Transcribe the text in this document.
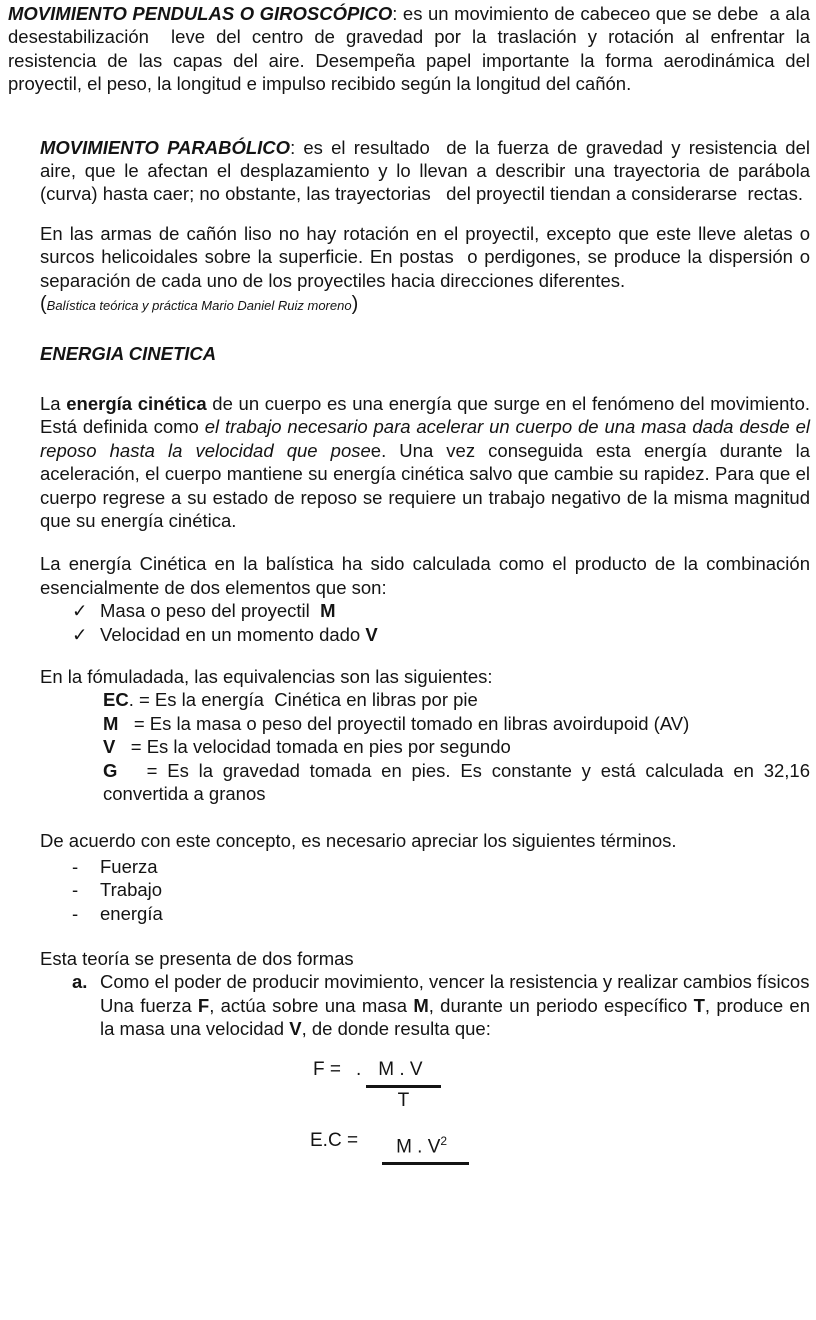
MOVIMIENTO PENDULAS O GIROSCÓPICO: es un movimiento de cabeceo que se debe  a ala desestabilización  leve del centro de gravedad por la traslación y rotación al enfrentar la resistencia de las capas del aire. Desempeña papel importante la forma aerodinámica del proyectil, el peso, la longitud e impulso recibido según la longitud del cañón.

MOVIMIENTO PARABÓLICO: es el resultado  de la fuerza de gravedad y resistencia del aire, que le afectan el desplazamiento y lo llevan a describir una trayectoria de parábola (curva) hasta caer; no obstante, las trayectorias   del proyectil tiendan a considerarse  rectas.

En las armas de cañón liso no hay rotación en el proyectil, excepto que este lleve aletas o surcos helicoidales sobre la superficie. En postas  o perdigones, se produce la dispersión o separación de cada uno de los proyectiles hacia direcciones diferentes.

(Balística teórica y práctica Mario Daniel Ruiz moreno)

ENERGIA CINETICA

La energía cinética de un cuerpo es una energía que surge en el fenómeno del movimiento. Está definida como el trabajo necesario para acelerar un cuerpo de una masa dada desde el reposo hasta la velocidad que posee. Una vez conseguida esta energía durante la aceleración, el cuerpo mantiene su energía cinética salvo que cambie su rapidez. Para que el cuerpo regrese a su estado de reposo se requiere un trabajo negativo de la misma magnitud que su energía cinética.

La energía Cinética en la balística ha sido calculada como el producto de la combinación esencialmente de dos elementos que son:

✓ Masa o peso del proyectil  M
✓ Velocidad en un momento dado V

En la fómuladada, las equivalencias son las siguientes:

EC. = Es la energía  Cinética en libras por pie

M   = Es la masa o peso del proyectil tomado en libras avoirdupoid (AV)

V   = Es la velocidad tomada en pies por segundo

G   = Es la gravedad tomada en pies. Es constante y está calculada en 32,16 convertida a granos

De acuerdo con este concepto, es necesario apreciar los siguientes términos.

-	Fuerza
-	Trabajo
-	energía

Esta teoría se presenta de dos formas

a. Como el poder de producir movimiento, vencer la resistencia y realizar cambios físicos

Una fuerza F, actúa sobre una masa M, durante un periodo específico T, produce en la masa una velocidad V, de donde resulta que:

F = . $\frac{M . V}{T}$
E.C =	M . $V^2$
